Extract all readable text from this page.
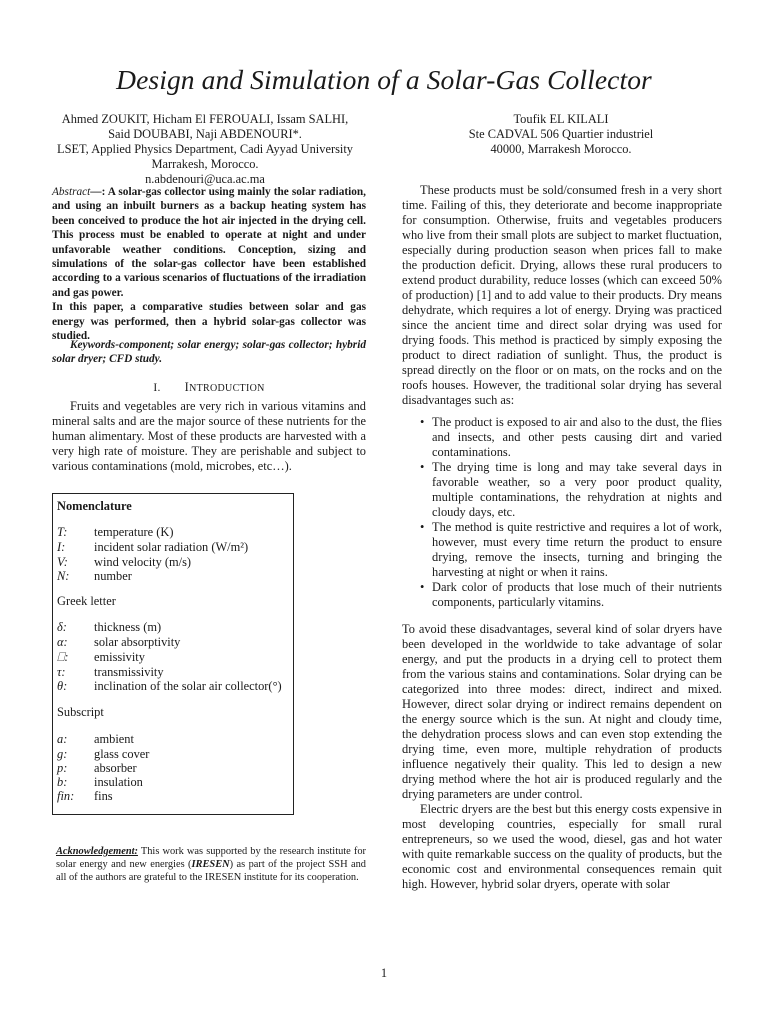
Design and Simulation of a Solar-Gas Collector
Ahmed ZOUKIT, Hicham El FEROUALI, Issam SALHI,
Said DOUBABI, Naji ABDENOURI*.
LSET, Applied Physics Department, Cadi Ayyad University
Marrakesh, Morocco.
n.abdenouri@uca.ac.ma
Toufik EL KILALI
Ste CADVAL 506 Quartier industriel
40000, Marrakesh Morocco.

Abstract—: A solar-gas collector using mainly the solar radiation, and using an inbuilt burners as a backup heating system has been conceived to produce the hot air injected in the drying cell. This process must be enabled to operate at night and under unfavorable weather conditions. Conception, sizing and simulations of the solar-gas collector have been established according to a various scenarios of fluctuations of the irradiation and gas power.

In this paper, a comparative studies between solar and gas energy was performed, then a hybrid solar-gas collector was studied.

Keywords-component; solar energy; solar-gas collector; hybrid solar dryer; CFD study.

I. INTRODUCTION

Fruits and vegetables are very rich in various vitamins and mineral salts and are the major source of these nutrients for the human alimentary. Most of these products are harvested with a very high rate of moisture. They are perishable and subject to various contaminations (mold, microbes, etc…).

Nomenclature
T: temperature (K)
I: incident solar radiation (W/m²)
V: wind velocity (m/s)
N: number
Greek letter
δ: thickness (m)
α: solar absorptivity
⎕: emissivity
τ: transmissivity
θ: inclination of the solar air collector(°)
Subscript
a: ambient
g: glass cover
p: absorber
b: insulation
fin: fins
Acknowledgement: This work was supported by the research institute for solar energy and new energies (IRESEN) as part of the project SSH and all of the authors are grateful to the IRESEN institute for its cooperation.

These products must be sold/consumed fresh in a very short time. Failing of this, they deteriorate and become inappropriate for consumption. Otherwise, fruits and vegetables producers who live from their small plots are subject to market fluctuation, especially during production season when prices fall to make the production deficit. Drying, allows these rural producers to extend product durability, reduce losses (which can exceed 50% of production) [1] and to add value to their products. Dry means dehydrate, which requires a lot of energy. Drying was practiced since the ancient time and direct solar drying was used for drying foods. This method is practiced by simply exposing the product to direct radiation of sunlight. Thus, the product is spread directly on the floor or on mats, on the rocks and on the roofs houses. However, the traditional solar drying has several disadvantages such as:

• The product is exposed to air and also to the dust, the flies and insects, and other pests causing dirt and varied contaminations.
• The drying time is long and may take several days in favorable weather, so a very poor product quality, multiple contaminations, the rehydration at nights and cloudy days, etc.
• The method is quite restrictive and requires a lot of work, however, must every time return the product to ensure drying, remove the insects, turning and bringing the harvesting at night or when it rains.
• Dark color of products that lose much of their nutrients components, particularly vitamins.

To avoid these disadvantages, several kind of solar dryers have been developed in the worldwide to take advantage of solar energy, and put the products in a drying cell to protect them from the various stains and contaminations. Solar drying can be categorized into three modes: direct, indirect and mixed. However, direct solar drying or indirect remains dependent on the energy source which is the sun. At night and cloudy time, the dehydration process slows and can even stop extending the drying time, even more, multiple rehydration of products influence negatively their quality. This led to design a new drying method where the hot air is produced regularly and the drying parameters are under control.

Electric dryers are the best but this energy costs expensive in most developing countries, especially for small rural entrepreneurs, so we used the wood, diesel, gas and hot water with quite remarkable success on the quality of products, but the economic cost and environmental consequences remain quit high. However, hybrid solar dryers, operate with solar

1
